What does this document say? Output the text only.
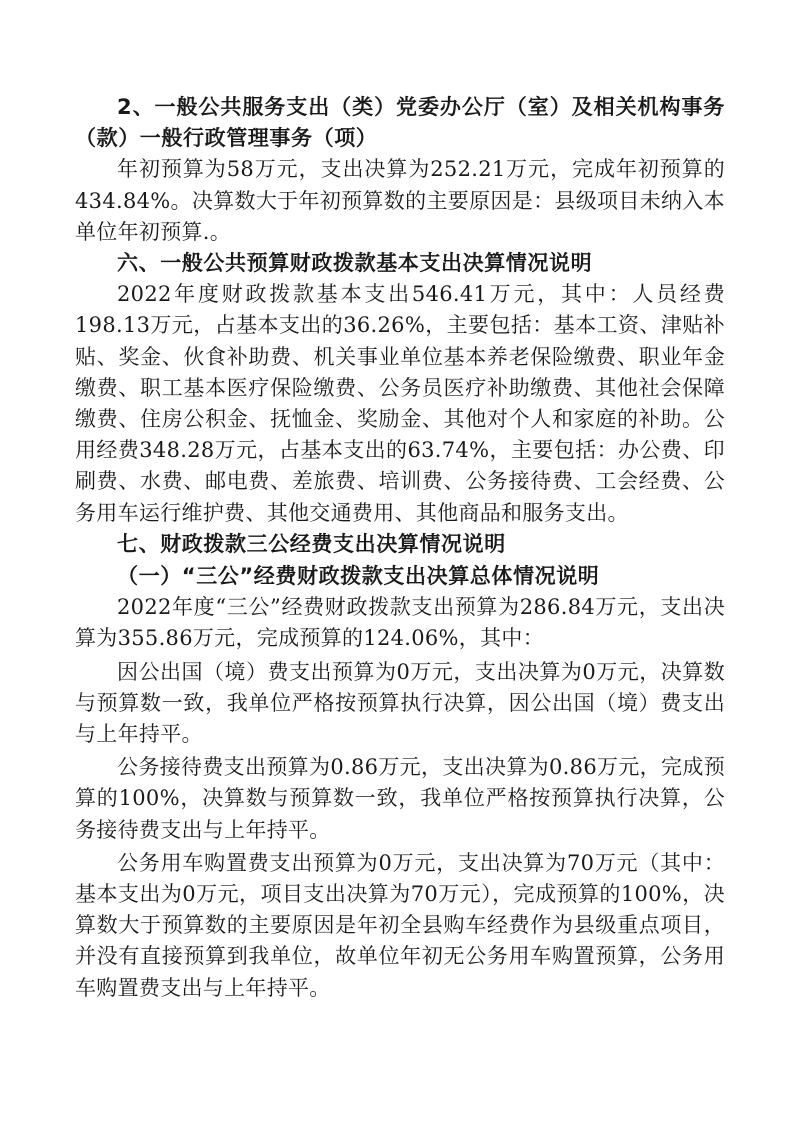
2、一般公共服务支出（类）党委办公厅（室）及相关机构事务（款）一般行政管理事务（项）

年初预算为58万元，支出决算为252.21万元，完成年初预算的434.84%。决算数大于年初预算数的主要原因是：县级项目未纳入本单位年初预算.。

六、一般公共预算财政拨款基本支出决算情况说明

2022年度财政拨款基本支出546.41万元，其中：人员经费198.13万元，占基本支出的36.26%，主要包括：基本工资、津贴补贴、奖金、伙食补助费、机关事业单位基本养老保险缴费、职业年金缴费、职工基本医疗保险缴费、公务员医疗补助缴费、其他社会保障缴费、住房公积金、抚恤金、奖励金、其他对个人和家庭的补助。公用经费348.28万元，占基本支出的63.74%，主要包括：办公费、印刷费、水费、邮电费、差旅费、培训费、公务接待费、工会经费、公务用车运行维护费、其他交通费用、其他商品和服务支出。

七、财政拨款三公经费支出决算情况说明

（一）“三公”经费财政拨款支出决算总体情况说明

2022年度“三公”经费财政拨款支出预算为286.84万元，支出决算为355.86万元，完成预算的124.06%，其中：

因公出国（境）费支出预算为0万元，支出决算为0万元，决算数与预算数一致，我单位严格按预算执行决算，因公出国（境）费支出与上年持平。

公务接待费支出预算为0.86万元，支出决算为0.86万元，完成预算的100%，决算数与预算数一致，我单位严格按预算执行决算，公务接待费支出与上年持平。

公务用车购置费支出预算为0万元，支出决算为70万元（其中：基本支出为0万元，项目支出决算为70万元），完成预算的100%，决算数大于预算数的主要原因是年初全县购车经费作为县级重点项目，并没有直接预算到我单位，故单位年初无公务用车购置预算，公务用车购置费支出与上年持平。
